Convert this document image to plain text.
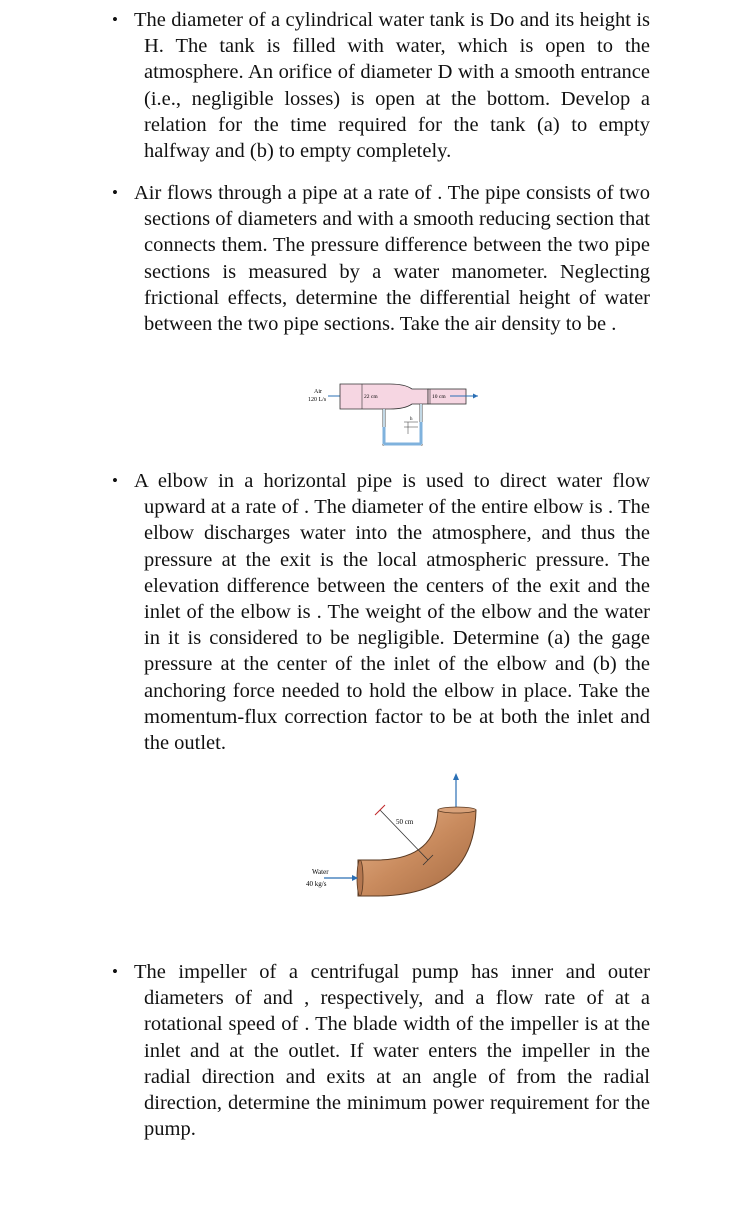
• The diameter of a cylindrical water tank is Do and its height is H. The tank is filled with water, which is open to the atmosphere. An orifice of diameter D with a smooth entrance (i.e., negligible losses) is open at the bottom. Develop a relation for the time required for the tank (a) to empty halfway and (b) to empty completely.

• Air flows through a pipe at a rate of . The pipe consists of two sections of diameters and with a smooth reducing section that connects them. The pressure difference between the two pipe sections is measured by a water manometer. Neglecting frictional effects, determine the differential height of water between the two pipe sections. Take the air density to be .

Air
120 L/s	22 cm	10 cm
h
• A elbow in a horizontal pipe is used to direct water flow upward at a rate of . The diameter of the entire elbow is . The elbow discharges water into the atmosphere, and thus the pressure at the exit is the local atmospheric pressure. The elevation difference between the centers of the exit and the inlet of the elbow is . The weight of the elbow and the water in it is considered to be negligible. Determine (a) the gage pressure at the center of the inlet of the elbow and (b) the anchoring force needed to hold the elbow in place. Take the momentum-flux correction factor to be at both the inlet and the outlet.

Water
40 kg/s
50 cm
• The impeller of a centrifugal pump has inner and outer diameters of and , respectively, and a flow rate of at a rotational speed of . The blade width of the impeller is at the inlet and at the outlet. If water enters the impeller in the radial direction and exits at an angle of from the radial direction, determine the minimum power requirement for the pump.
